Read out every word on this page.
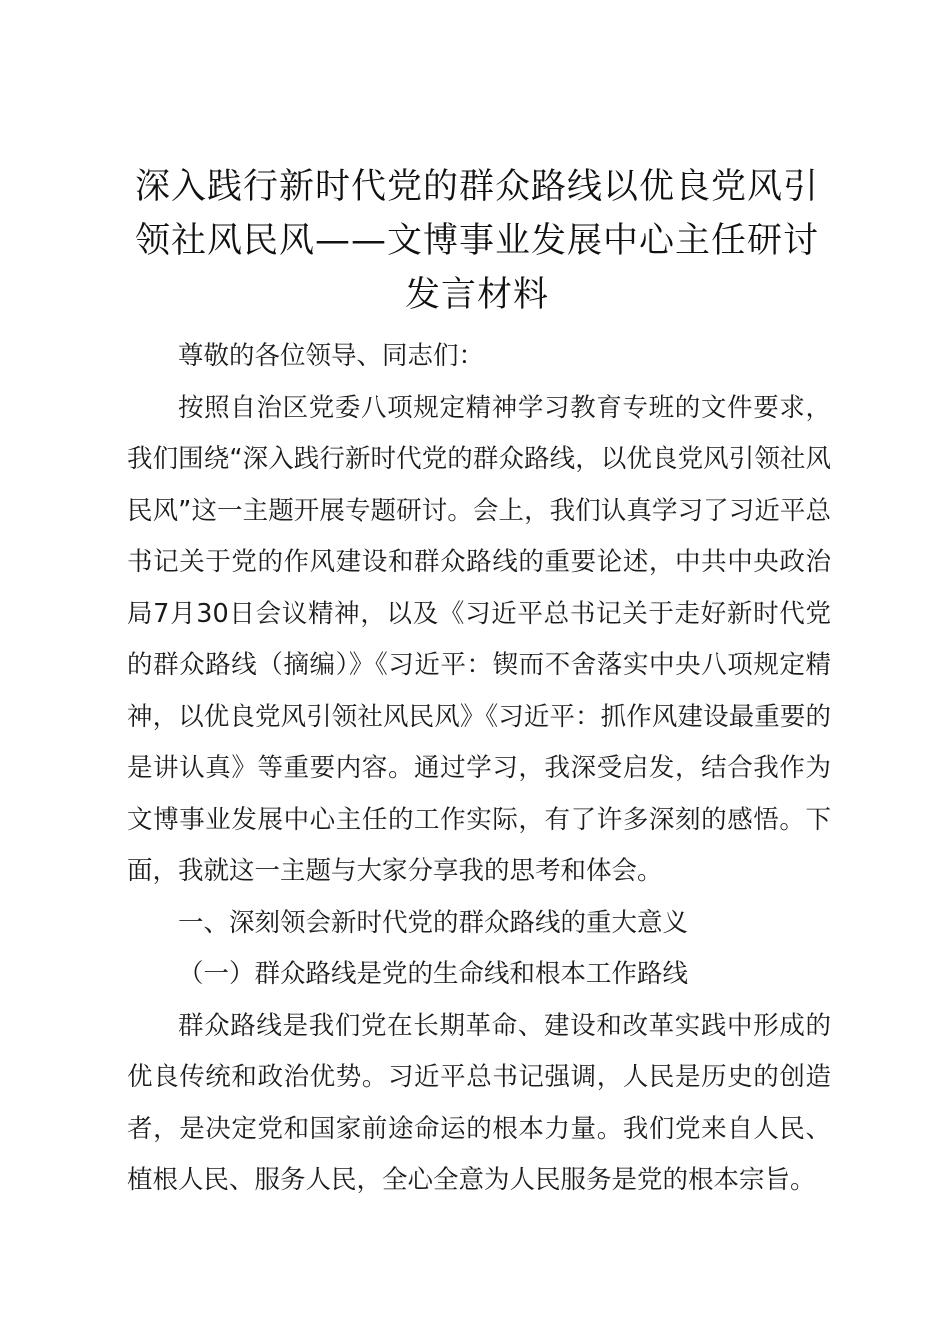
深入践行新时代党的群众路线以优良党风引领社风民风——文博事业发展中心主任研讨发言材料

尊敬的各位领导、同志们：

按照自治区党委八项规定精神学习教育专班的文件要求，我们围绕“深入践行新时代党的群众路线，以优良党风引领社风民风”这一主题开展专题研讨。会上，我们认真学习了习近平总书记关于党的作风建设和群众路线的重要论述，中共中央政治局7月30日会议精神，以及《习近平总书记关于走好新时代党的群众路线（摘编）》《习近平：锲而不舍落实中央八项规定精神，以优良党风引领社风民风》《习近平：抓作风建设最重要的是讲认真》等重要内容。通过学习，我深受启发，结合我作为文博事业发展中心主任的工作实际，有了许多深刻的感悟。下面，我就这一主题与大家分享我的思考和体会。

一、深刻领会新时代党的群众路线的重大意义

（一）群众路线是党的生命线和根本工作路线

群众路线是我们党在长期革命、建设和改革实践中形成的优良传统和政治优势。习近平总书记强调，人民是历史的创造者，是决定党和国家前途命运的根本力量。我们党来自人民、植根人民、服务人民，全心全意为人民服务是党的根本宗旨。
